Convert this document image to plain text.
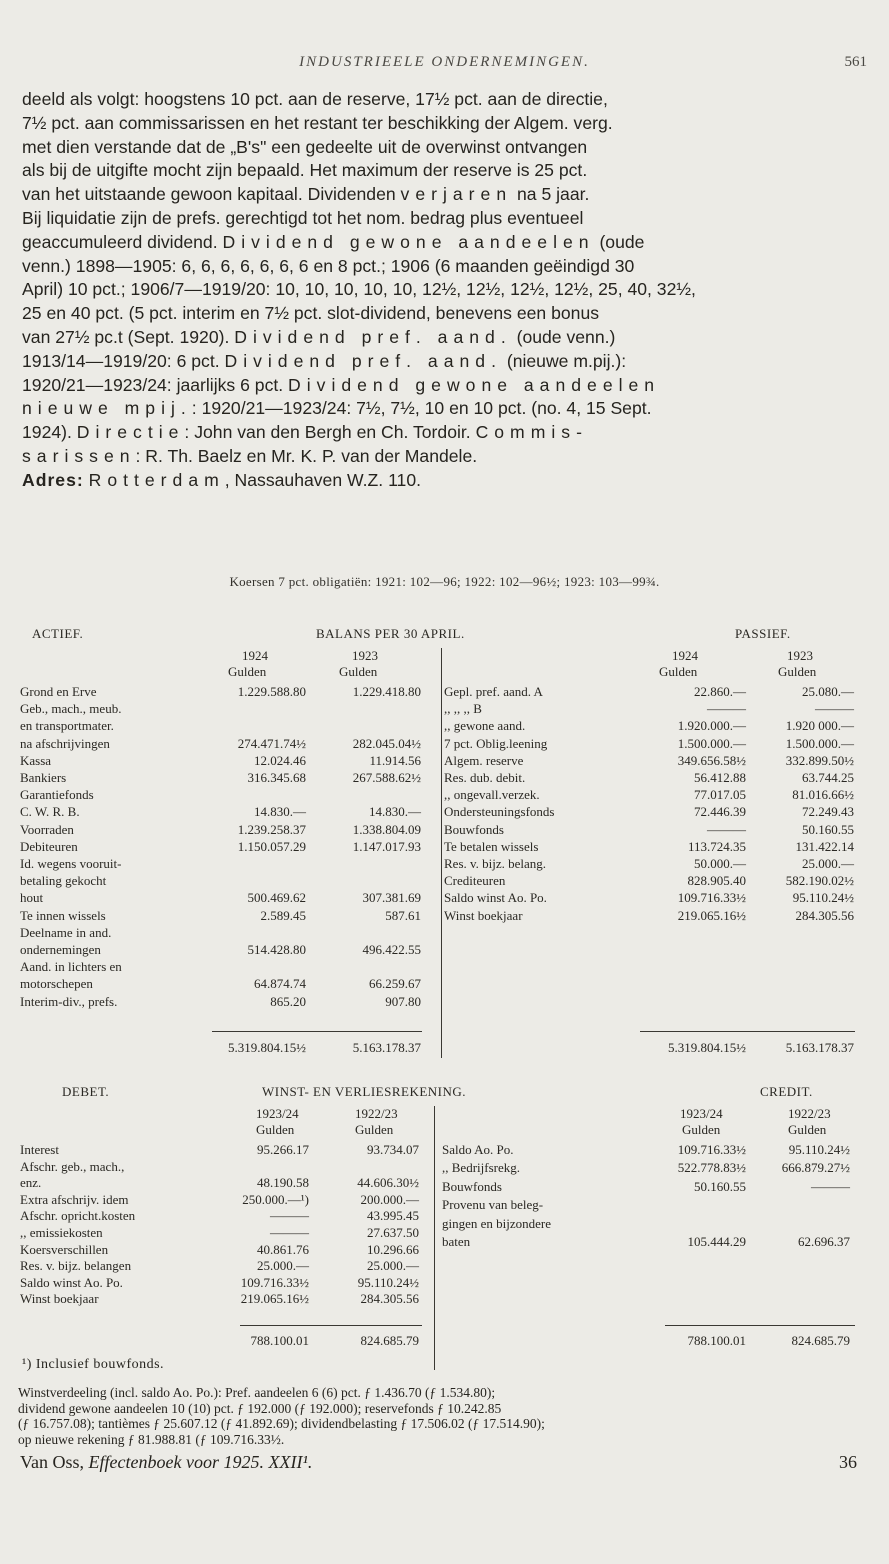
INDUSTRIEELE ONDERNEMINGEN.	561
deeld als volgt: hoogstens 10 pct. aan de reserve, 17½ pct. aan de directie,
7½ pct. aan commissarissen en het restant ter beschikking der Algem. verg.
met dien verstande dat de „B's" een gedeelte uit de overwinst ontvangen
als bij de uitgifte mocht zijn bepaald. Het maximum der reserve is 25 pct.
van het uitstaande gewoon kapitaal. Dividenden verjaren na 5 jaar.
Bij liquidatie zijn de prefs. gerechtigd tot het nom. bedrag plus eventueel
geaccumuleerd dividend. Dividend gewone aandeelen (oude
venn.) 1898—1905: 6, 6, 6, 6, 6, 6, 6 en 8 pct.; 1906 (6 maanden geëindigd 30
April) 10 pct.; 1906/7—1919/20: 10, 10, 10, 10, 10, 12½, 12½, 12½, 12½, 25, 40, 32½,
25 en 40 pct. (5 pct. interim en 7½ pct. slot-dividend, benevens een bonus
van 27½ pc.t (Sept. 1920). Dividend pref. aand. (oude venn.)
1913/14—1919/20: 6 pct. Dividend pref. aand. (nieuwe m.pij.):
1920/21—1923/24: jaarlijks 6 pct. Dividend gewone aandeelen
nieuwe mpij.: 1920/21—1923/24: 7½, 7½, 10 en 10 pct. (no. 4, 15 Sept.
1924). Directie: John van den Bergh en Ch. Tordoir. Commis-
sarissen: R. Th. Baelz en Mr. K. P. van der Mandele.
Adres: Rotterdam, Nassauhaven W.Z. 110.
Koersen 7 pct. obligatiën: 1921: 102—96; 1922: 102—96½; 1923: 103—99¾.
ACTIEF.	BALANS PER 30 APRIL.	PASSIEF.
1924	1923	1924	1923
Gulden	Gulden	Gulden	Gulden
Grond en Erve	1.229.588.80	1.229.418.80
Geb., mach., meub.
en transportmater.
na afschrijvingen	274.471.74½	282.045.04½
Kassa	12.024.46	11.914.56
Bankiers	316.345.68	267.588.62½
Garantiefonds
C. W. R. B.	14.830.—	14.830.—
Voorraden	1.239.258.37	1.338.804.09
Debiteuren	1.150.057.29	1.147.017.93
Id. wegens vooruit-
betaling gekocht
hout	500.469.62	307.381.69
Te innen wissels	2.589.45	587.61
Deelname in and.
ondernemingen	514.428.80	496.422.55
Aand. in lichters en
motorschepen	64.874.74	66.259.67
Interim-div., prefs.	865.20	907.80
Gepl. pref. aand. A	22.860.—	25.080.—
,, ,, ,, B	———	———
,, gewone aand.	1.920.000.—	1.920 000.—
7 pct. Oblig.leening	1.500.000.—	1.500.000.—
Algem. reserve	349.656.58½	332.899.50½
Res. dub. debit.	56.412.88	63.744.25
,, ongevall.verzek.	77.017.05	81.016.66½
Ondersteuningsfonds	72.446.39	72.249.43
Bouwfonds	———	50.160.55
Te betalen wissels	113.724.35	131.422.14
Res. v. bijz. belang.	50.000.—	25.000.—
Crediteuren	828.905.40	582.190.02½
Saldo winst Ao. Po.	109.716.33½	95.110.24½
Winst boekjaar	219.065.16½	284.305.56
5.319.804.15½	5.163.178.37	5.319.804.15½	5.163.178.37
DEBET.	WINST- EN VERLIESREKENING.	CREDIT.
1923/24	1922/23	1923/24	1922/23
Gulden	Gulden	Gulden	Gulden
Interest	95.266.17	93.734.07
Afschr. geb., mach.,
enz.	48.190.58	44.606.30½
Extra afschrijv. idem	250.000.—¹)	200.000.—
Afschr. opricht.kosten	———	43.995.45
,, emissiekosten	———	27.637.50
Koersverschillen	40.861.76	10.296.66
Res. v. bijz. belangen	25.000.—	25.000.—
Saldo winst Ao. Po.	109.716.33½	95.110.24½
Winst boekjaar	219.065.16½	284.305.56
Saldo Ao. Po.	109.716.33½	95.110.24½
,, Bedrijfsrekg.	522.778.83½	666.879.27½
Bouwfonds	50.160.55	———
Provenu van beleg-
gingen en bijzondere
baten	105.444.29	62.696.37
788.100.01	824.685.79	788.100.01	824.685.79
¹) Inclusief bouwfonds.
Winstverdeeling (incl. saldo Ao. Po.): Pref. aandeelen 6 (6) pct. ƒ 1.436.70 (ƒ 1.534.80);
dividend gewone aandeelen 10 (10) pct. ƒ 192.000 (ƒ 192.000); reservefonds ƒ 10.242.85
(ƒ 16.757.08); tantièmes ƒ 25.607.12 (ƒ 41.892.69); dividendbelasting ƒ 17.506.02 (ƒ 17.514.90);
op nieuwe rekening ƒ 81.988.81 (ƒ 109.716.33½.
Van Oss, Effectenboek voor 1925. XXII¹.	36
